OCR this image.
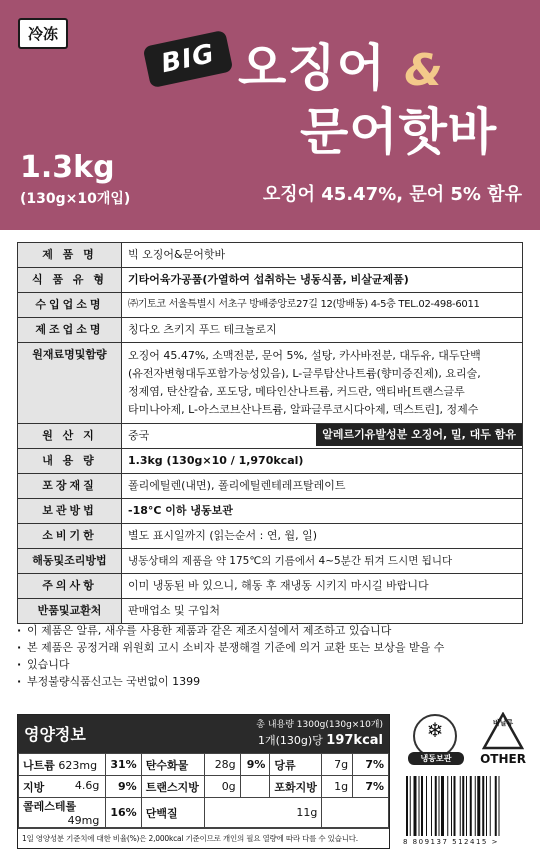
冷冻
BIG 오징어 &
문어핫바
1.3kg
(130g×10개입)	오징어 45.47%, 문어 5% 함유
제 품 명	빅 오징어&문어핫바
식 품 유 형	기타어육가공품(가열하여 섭취하는 냉동식품, 비살균제품)
수입업소명	㈜기토코 서울특별시 서초구 방배중앙로27길 12(방배동) 4-5층 TEL.02-498-6011
제조업소명	칭다오 츠키지 푸드 테크놀로지
원재료명및함량	오징어 45.47%, 소맥전분, 문어 5%, 설탕, 카사바전분, 대두유, 대두단백
(유전자변형대두포함가능성있음), L-글루탐산나트륨(향미증진제), 요리술,
정제염, 탄산칼슘, 포도당, 메타인산나트륨, 커드란, 액티바[트랜스글루
타미나아제, L-아스코브산나트륨, 알파글루코시다아제, 덱스트린], 정제수

원 산 지	중국 알레르기유발성분 오징어, 밀, 대두 함유

내 용 량	1.3kg (130g×10 / 1,970kcal)
포장재질	폴리에틸렌(내면), 폴리에틸렌테레프탈레이트
보관방법	-18°C 이하 냉동보관
소비기한	별도 표시일까지 (읽는순서 : 연, 월, 일)
해동및조리방법	냉동상태의 제품을 약 175℃의 기름에서 4~5분간 튀겨 드시면 됩니다
주의사항	이미 냉동된 바 있으니, 해동 후 재냉동 시키지 마시길 바랍니다
반품및교환처	판매업소 및 구입처
· 이 제품은 알류, 새우를 사용한 제품과 같은 제조시설에서 제조하고 있습니다
· 본 제품은 공정거래 위원회 고시 소비자 분쟁해결 기준에 의거 교환 또는 보상을 받을 수
· 있습니다
· 부정불량식품신고는 국번없이 1399
영양정보	총 내용량 1300g(130g×10개)
1개(130g)당 197kcal
나트륨 623mg	31%	탄수화물	28g	9%	당류	7g	7%
지방 4.6g	9%	트랜스지방	0g		포화지방	1g	7%
콜레스테롤
49mg	16%	단백질	11g				
1일 영양성분 기준치에 대한 비율(%)은 2,000kcal 기준이므로 개인의 필요 열량에 따라 다를 수 있습니다.
❄
냉동보관
비닐류
OTHER
8 809137 512415 >
